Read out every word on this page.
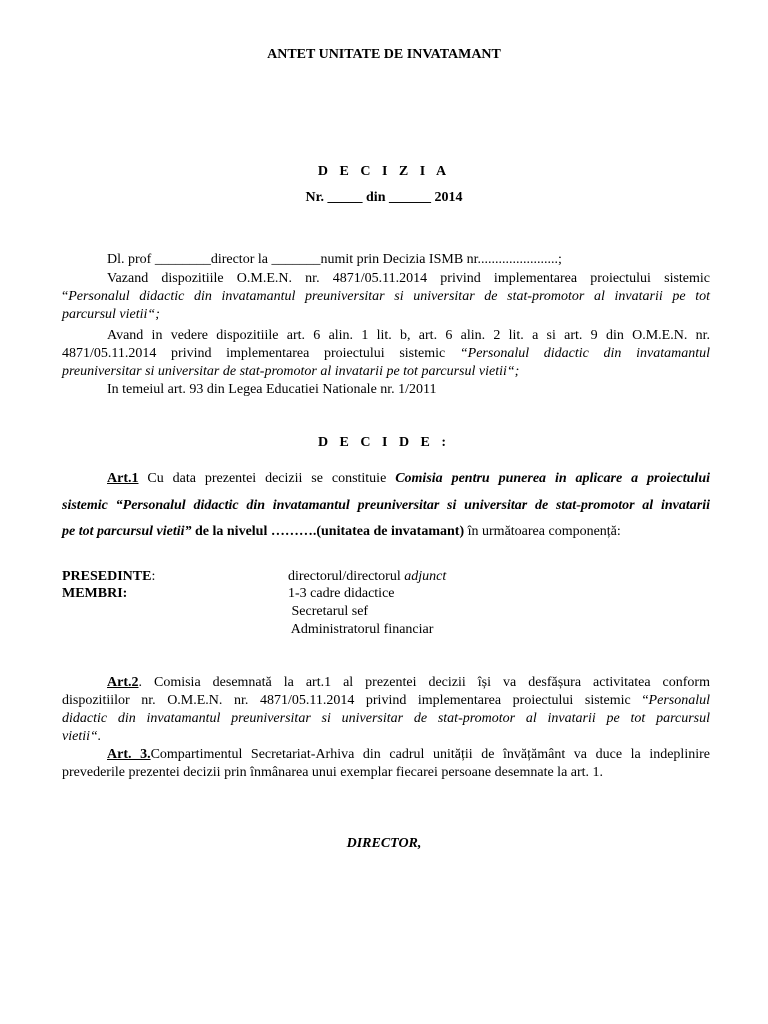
ANTET UNITATE DE INVATAMANT
D E C I Z I A
Nr. _____ din ______ 2014
Dl. prof ________director la _______numit prin Decizia ISMB nr.......................;
Vazand dispozitiile O.M.E.N. nr. 4871/05.11.2014 privind implementarea proiectului sistemic
“Personalul didactic din invatamantul preuniversitar si universitar de stat-promotor al invatarii pe tot
parcursul vietii“;
Avand in vedere dispozitiile art. 6 alin. 1 lit. b, art. 6 alin. 2 lit. a si art. 9 din O.M.E.N. nr.
4871/05.11.2014 privind implementarea proiectului sistemic “Personalul didactic din invatamantul
preuniversitar si universitar de stat-promotor al invatarii pe tot parcursul vietii“;
In temeiul art. 93 din Legea Educatiei Nationale nr. 1/2011
D E C I D E :
Art.1 Cu data prezentei decizii se constituie Comisia pentru punerea in aplicare a proiectului
sistemic “Personalul didactic din invatamantul preuniversitar si universitar de stat-promotor al invatarii
pe tot parcursul vietii” de la nivelul ……….(unitatea de invatamant) în următoarea componență:
PRESEDINTE:	directorul/directorul adjunct
MEMBRI:	1-3 cadre didactice
Secretarul sef
Administratorul financiar
Art.2. Comisia desemnată la art.1 al prezentei decizii își va desfășura activitatea conform
dispozitiilor nr. O.M.E.N. nr. 4871/05.11.2014 privind implementarea proiectului sistemic “Personalul
didactic din invatamantul preuniversitar si universitar de stat-promotor al invatarii pe tot parcursul
vietii“.
Art. 3.Compartimentul Secretariat-Arhiva din cadrul unității de învățământ va duce la indeplinire
prevederile prezentei decizii prin înmânarea unui exemplar fiecarei persoane desemnate la art. 1.
DIRECTOR,
